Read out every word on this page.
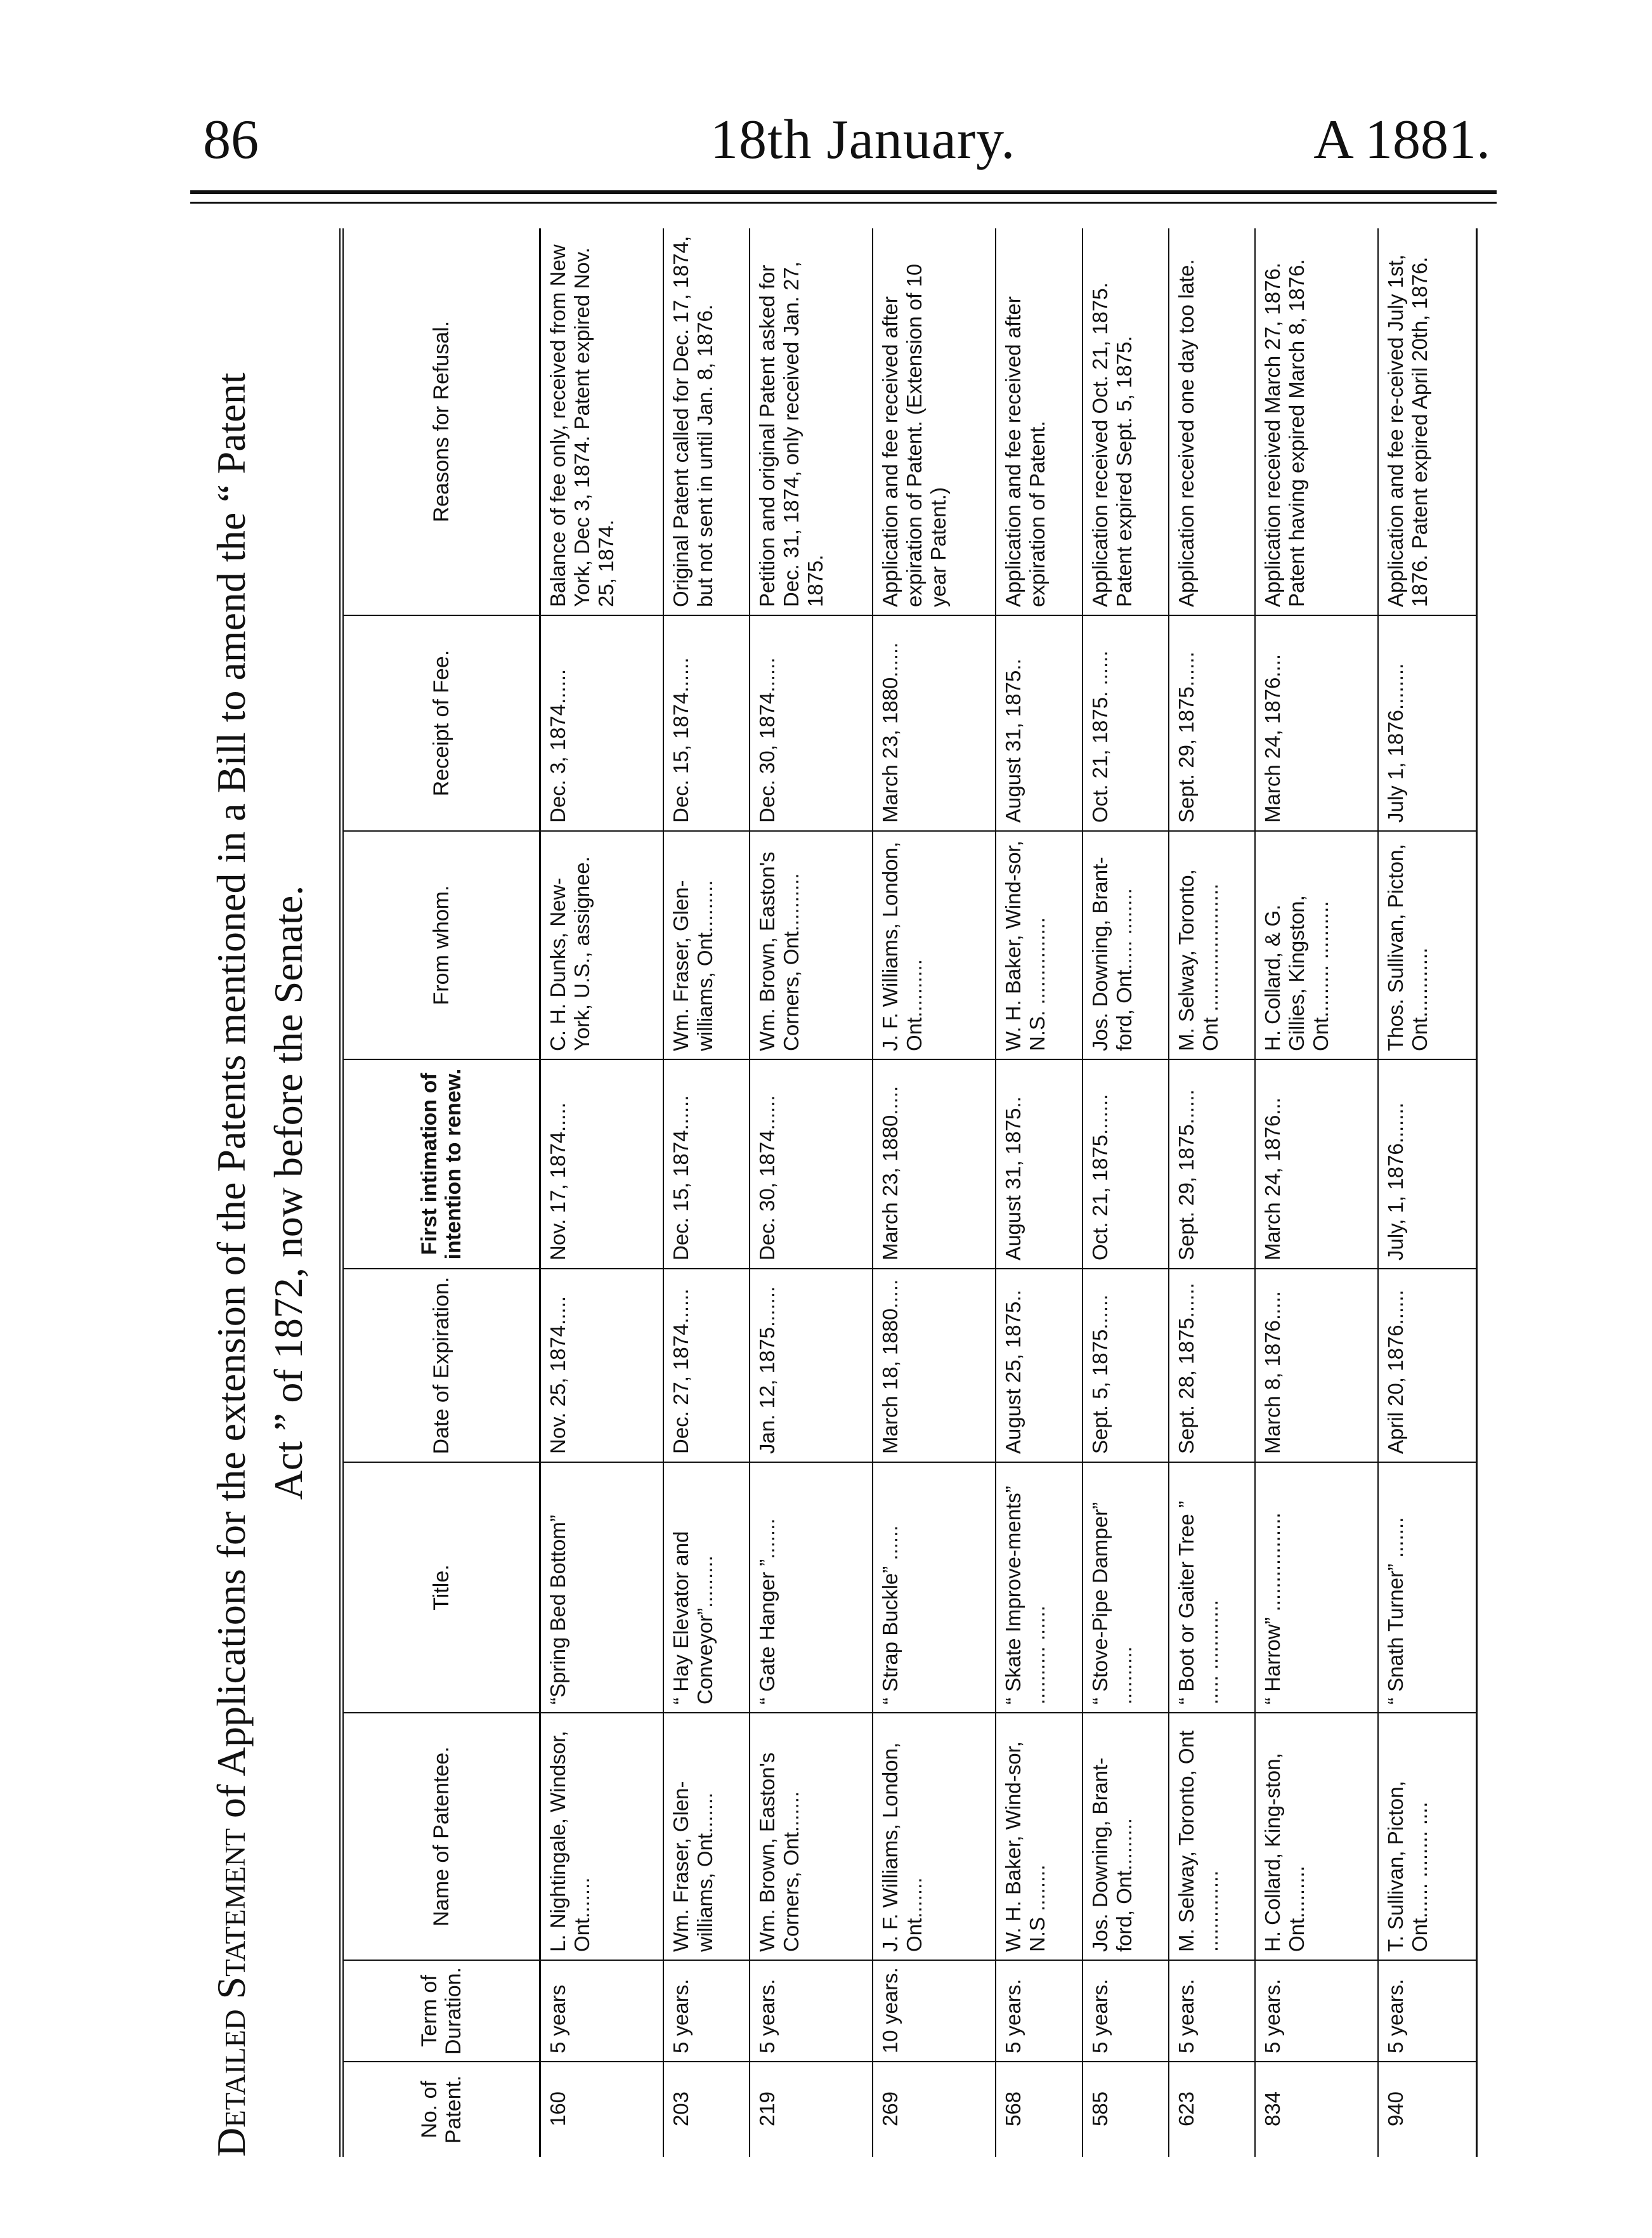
86	18th January.	A 1881.

Detailed Statement of Applications for the extension of the Patents mentioned in a Bill to amend the “ Patent Act ” of 1872, now before the Senate.

No. of Patent.	Term of Duration.	Name of Patentee.	Title.	Date of Expiration.	First intimation of intention to renew.	From whom.	Receipt of Fee.	Reasons for Refusal.
160	5 years	L. Nightingale, Windsor, Ont.......	“Spring Bed Bottom”	Nov. 25, 1874.....	Nov. 17, 1874.....	C. H. Dunks, New-York, U.S., assignee.	Dec. 3, 1874......	Balance of fee only, received from New York, Dec 3, 1874. Patent expired Nov. 25, 1874.
203	5 years.	Wm. Fraser, Glen-williams, Ont.......	“ Hay Elevator and Conveyor”.........	Dec. 27, 1874......	Dec. 15, 1874......	Wm. Fraser, Glen-williams, Ont.........	Dec. 15, 1874......	Original Patent called for Dec. 17, 1874, but not sent in until Jan. 8, 1876.
219	5 years.	Wm. Brown, Easton's Corners, Ont.......	“ Gate Hanger ”.......	Jan. 12, 1875.......	Dec. 30, 1874......	Wm. Brown, Easton's Corners, Ont..........	Dec. 30, 1874......	Petition and original Patent asked for Dec. 31, 1874, only received Jan. 27, 1875.
269	10 years.	J. F. Williams, London, Ont.......	“ Strap Buckle” ......	March 18, 1880.....	March 23, 1880.....	J. F. Williams, London, Ont..........	March 23, 1880......	Application and fee received after expiration of Patent. (Extension of 10 year Patent.)
568	5 years.	W. H. Baker, Wind-sor, N.S ........	“ Skate Improve-ments” .......... ......	August 25, 1875..	August 31, 1875..	W. H. Baker, Wind-sor, N.S. ...............	August 31, 1875..	Application and fee received after expiration of Patent.
585	5 years.	Jos. Downing, Brant-ford, Ont.........	“ Stove-Pipe Damper” ..........	Sept. 5, 1875......	Oct. 21, 1875.......	Jos. Downing, Brant-ford, Ont..... ........	Oct. 21, 1875. ......	Application received Oct. 21, 1875. Patent expired Sept. 5, 1875.
623	5 years.	M. Selway, Toronto, Ont ..............	“ Boot or Gaiter Tree ” ..... ............	Sept. 28, 1875......	Sept. 29, 1875......	M. Selway, Toronto, Ont ......................	Sept. 29, 1875......	Application received one day too late.
834	5 years.	H. Collard, King-ston, Ont.........	“ Harrow” .................	March 8, 1876.....	March 24, 1876...	H. Collard, & G. Gillies, Kingston, Ont......... ..........	March 24, 1876....	Application received March 27, 1876. Patent having expired March 8, 1876.
940	5 years.	T. Sullivan, Picton, Ont...... ........ ....	“ Snath Turner” .......	April 20, 1876......	July, 1, 1876.......	Thos. Sullivan, Picton, Ont............	July 1, 1876........	Application and fee re-ceived July 1st, 1876. Patent expired April 20th, 1876.
